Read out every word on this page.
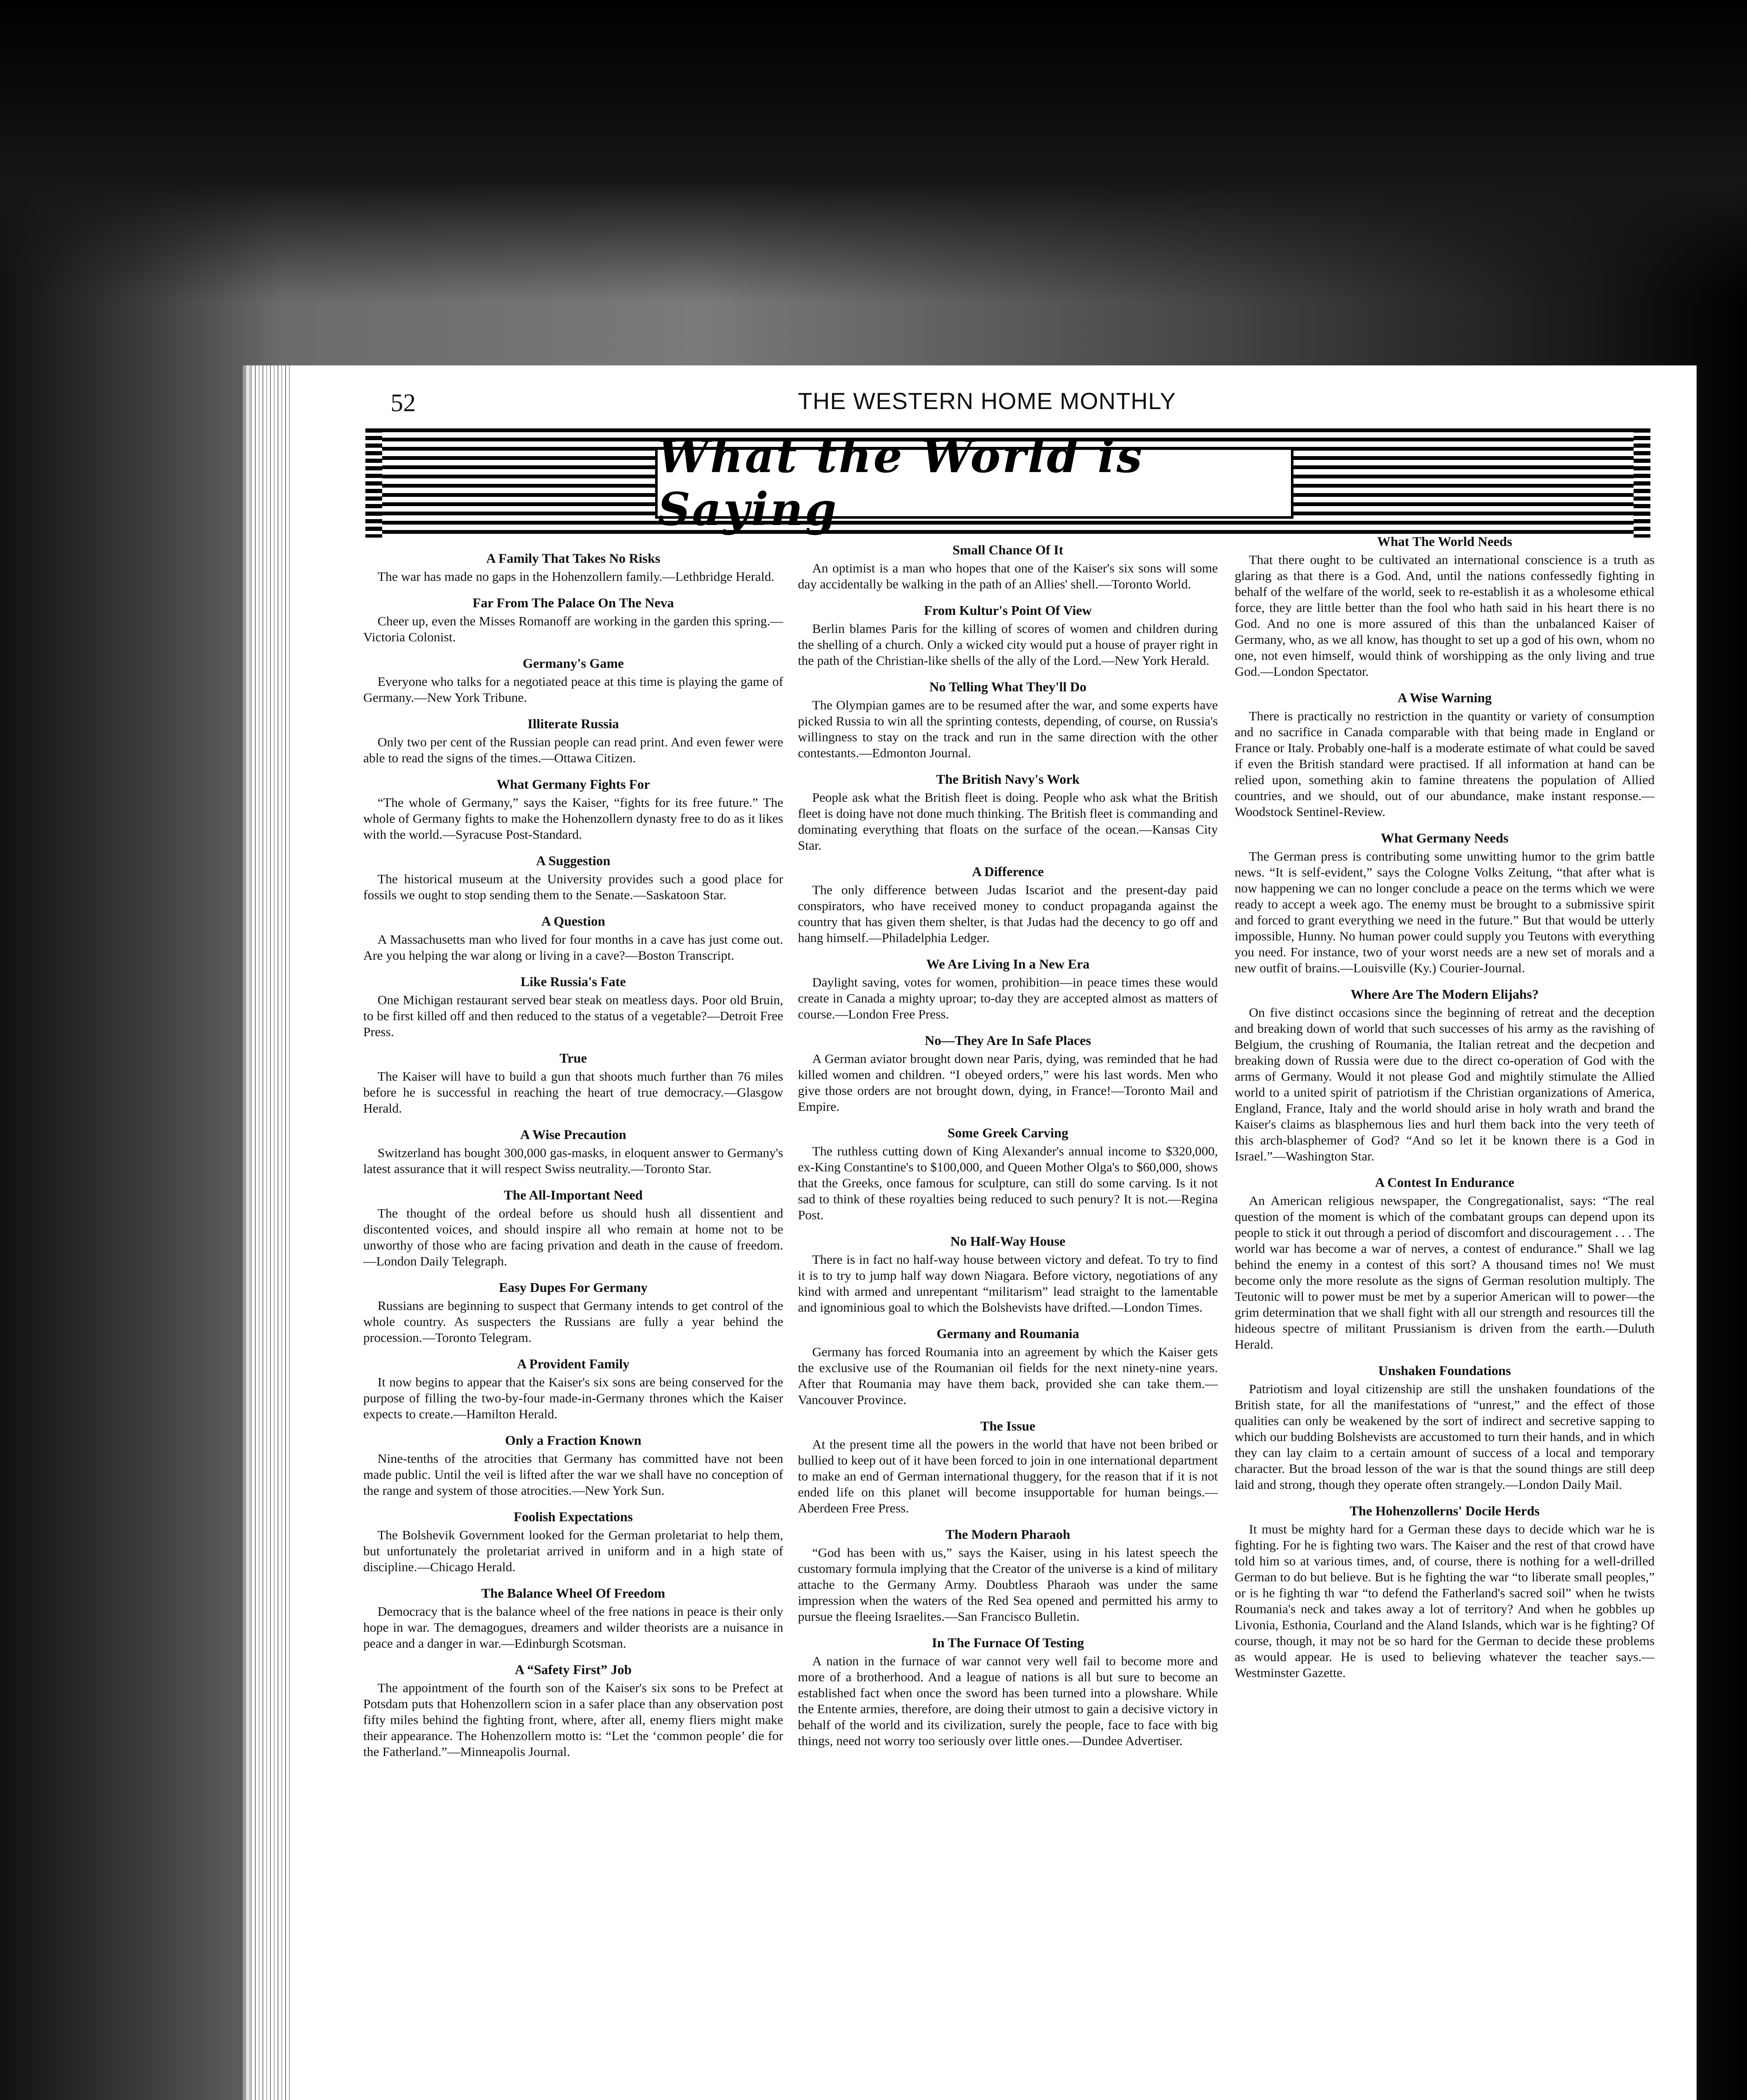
52	THE WESTERN HOME MONTHLY
What the World is Saying
A Family That Takes No Risks

The war has made no gaps in the Hohenzollern family.—Lethbridge Herald.

Far From The Palace On The Neva

Cheer up, even the Misses Romanoff are working in the garden this spring.—Victoria Colonist.

Germany's Game

Everyone who talks for a negotiated peace at this time is playing the game of Germany.—New York Tribune.

Illiterate Russia

Only two per cent of the Russian people can read print. And even fewer were able to read the signs of the times.—Ottawa Citizen.

What Germany Fights For

“The whole of Germany,” says the Kaiser, “fights for its free future.” The whole of Germany fights to make the Hohenzollern dynasty free to do as it likes with the world.—Syracuse Post-Standard.

A Suggestion

The historical museum at the University provides such a good place for fossils we ought to stop sending them to the Senate.—Saskatoon Star.

A Question

A Massachusetts man who lived for four months in a cave has just come out. Are you helping the war along or living in a cave?—Boston Transcript.

Like Russia's Fate

One Michigan restaurant served bear steak on meatless days. Poor old Bruin, to be first killed off and then reduced to the status of a vegetable?—Detroit Free Press.

True

The Kaiser will have to build a gun that shoots much further than 76 miles before he is successful in reaching the heart of true democracy.—Glasgow Herald.

A Wise Precaution

Switzerland has bought 300,000 gas-masks, in eloquent answer to Germany's latest assurance that it will respect Swiss neutrality.—Toronto Star.

The All-Important Need

The thought of the ordeal before us should hush all dissentient and discontented voices, and should inspire all who remain at home not to be unworthy of those who are facing privation and death in the cause of freedom.—London Daily Telegraph.

Easy Dupes For Germany

Russians are beginning to suspect that Germany intends to get control of the whole country. As suspecters the Russians are fully a year behind the procession.—Toronto Telegram.

A Provident Family

It now begins to appear that the Kaiser's six sons are being conserved for the purpose of filling the two-by-four made-in-Germany thrones which the Kaiser expects to create.—Hamilton Herald.

Only a Fraction Known

Nine-tenths of the atrocities that Germany has committed have not been made public. Until the veil is lifted after the war we shall have no conception of the range and system of those atrocities.—New York Sun.

Foolish Expectations

The Bolshevik Government looked for the German proletariat to help them, but unfortunately the proletariat arrived in uniform and in a high state of discipline.—Chicago Herald.

The Balance Wheel Of Freedom

Democracy that is the balance wheel of the free nations in peace is their only hope in war. The demagogues, dreamers and wilder theorists are a nuisance in peace and a danger in war.—Edinburgh Scotsman.

A “Safety First” Job

The appointment of the fourth son of the Kaiser's six sons to be Prefect at Potsdam puts that Hohenzollern scion in a safer place than any observation post fifty miles behind the fighting front, where, after all, enemy fliers might make their appearance. The Hohenzollern motto is: “Let the ‘common people’ die for the Fatherland.”—Minneapolis Journal.

Small Chance Of It

An optimist is a man who hopes that one of the Kaiser's six sons will some day accidentally be walking in the path of an Allies' shell.—Toronto World.

From Kultur's Point Of View

Berlin blames Paris for the killing of scores of women and children during the shelling of a church. Only a wicked city would put a house of prayer right in the path of the Christian-like shells of the ally of the Lord.—New York Herald.

No Telling What They'll Do

The Olympian games are to be resumed after the war, and some experts have picked Russia to win all the sprinting contests, depending, of course, on Russia's willingness to stay on the track and run in the same direction with the other contestants.—Edmonton Journal.

The British Navy's Work

People ask what the British fleet is doing. People who ask what the British fleet is doing have not done much thinking. The British fleet is commanding and dominating everything that floats on the surface of the ocean.—Kansas City Star.

A Difference

The only difference between Judas Iscariot and the present-day paid conspirators, who have received money to conduct propaganda against the country that has given them shelter, is that Judas had the decency to go off and hang himself.—Philadelphia Ledger.

We Are Living In a New Era

Daylight saving, votes for women, prohibition—in peace times these would create in Canada a mighty uproar; to-day they are accepted almost as matters of course.—London Free Press.

No—They Are In Safe Places

A German aviator brought down near Paris, dying, was reminded that he had killed women and children. “I obeyed orders,” were his last words. Men who give those orders are not brought down, dying, in France!—Toronto Mail and Empire.

Some Greek Carving

The ruthless cutting down of King Alexander's annual income to $320,000, ex-King Constantine's to $100,000, and Queen Mother Olga's to $60,000, shows that the Greeks, once famous for sculpture, can still do some carving. Is it not sad to think of these royalties being reduced to such penury? It is not.—Regina Post.

No Half-Way House

There is in fact no half-way house between victory and defeat. To try to find it is to try to jump half way down Niagara. Before victory, negotiations of any kind with armed and unrepentant “militarism” lead straight to the lamentable and ignominious goal to which the Bolshevists have drifted.—London Times.

Germany and Roumania

Germany has forced Roumania into an agreement by which the Kaiser gets the exclusive use of the Roumanian oil fields for the next ninety-nine years. After that Roumania may have them back, provided she can take them.—Vancouver Province.

The Issue

At the present time all the powers in the world that have not been bribed or bullied to keep out of it have been forced to join in one international department to make an end of German international thuggery, for the reason that if it is not ended life on this planet will become insupportable for human beings.—Aberdeen Free Press.

The Modern Pharaoh

“God has been with us,” says the Kaiser, using in his latest speech the customary formula implying that the Creator of the universe is a kind of military attache to the Germany Army. Doubtless Pharaoh was under the same impression when the waters of the Red Sea opened and permitted his army to pursue the fleeing Israelites.—San Francisco Bulletin.

In The Furnace Of Testing

A nation in the furnace of war cannot very well fail to become more and more of a brotherhood. And a league of nations is all but sure to become an established fact when once the sword has been turned into a plowshare. While the Entente armies, therefore, are doing their utmost to gain a decisive victory in behalf of the world and its civilization, surely the people, face to face with big things, need not worry too seriously over little ones.—Dundee Advertiser.

What The World Needs

That there ought to be cultivated an international conscience is a truth as glaring as that there is a God. And, until the nations confessedly fighting in behalf of the welfare of the world, seek to re-establish it as a wholesome ethical force, they are little better than the fool who hath said in his heart there is no God. And no one is more assured of this than the unbalanced Kaiser of Germany, who, as we all know, has thought to set up a god of his own, whom no one, not even himself, would think of worshipping as the only living and true God.—London Spectator.

A Wise Warning

There is practically no restriction in the quantity or variety of consumption and no sacrifice in Canada comparable with that being made in England or France or Italy. Probably one-half is a moderate estimate of what could be saved if even the British standard were practised. If all information at hand can be relied upon, something akin to famine threatens the population of Allied countries, and we should, out of our abundance, make instant response.—Woodstock Sentinel-Review.

What Germany Needs

The German press is contributing some unwitting humor to the grim battle news. “It is self-evident,” says the Cologne Volks Zeitung, “that after what is now happening we can no longer conclude a peace on the terms which we were ready to accept a week ago. The enemy must be brought to a submissive spirit and forced to grant everything we need in the future.” But that would be utterly impossible, Hunny. No human power could supply you Teutons with everything you need. For instance, two of your worst needs are a new set of morals and a new outfit of brains.—Louisville (Ky.) Courier-Journal.

Where Are The Modern Elijahs?

On five distinct occasions since the beginning of retreat and the deception and breaking down of world that such successes of his army as the ravishing of Belgium, the crushing of Roumania, the Italian retreat and the decpetion and breaking down of Russia were due to the direct co-operation of God with the arms of Germany. Would it not please God and mightily stimulate the Allied world to a united spirit of patriotism if the Christian organizations of America, England, France, Italy and the world should arise in holy wrath and brand the Kaiser's claims as blasphemous lies and hurl them back into the very teeth of this arch-blasphemer of God? “And so let it be known there is a God in Israel.”—Washington Star.

A Contest In Endurance

An American religious newspaper, the Congregationalist, says: “The real question of the moment is which of the combatant groups can depend upon its people to stick it out through a period of discomfort and discouragement . . . The world war has become a war of nerves, a contest of endurance.” Shall we lag behind the enemy in a contest of this sort? A thousand times no! We must become only the more resolute as the signs of German resolution multiply. The Teutonic will to power must be met by a superior American will to power—the grim determination that we shall fight with all our strength and resources till the hideous spectre of militant Prussianism is driven from the earth.—Duluth Herald.

Unshaken Foundations

Patriotism and loyal citizenship are still the unshaken foundations of the British state, for all the manifestations of “unrest,” and the effect of those qualities can only be weakened by the sort of indirect and secretive sapping to which our budding Bolshevists are accustomed to turn their hands, and in which they can lay claim to a certain amount of success of a local and temporary character. But the broad lesson of the war is that the sound things are still deep laid and strong, though they operate often strangely.—London Daily Mail.

The Hohenzollerns' Docile Herds

It must be mighty hard for a German these days to decide which war he is fighting. For he is fighting two wars. The Kaiser and the rest of that crowd have told him so at various times, and, of course, there is nothing for a well-drilled German to do but believe. But is he fighting the war “to liberate small peoples,” or is he fighting th war “to defend the Fatherland's sacred soil” when he twists Roumania's neck and takes away a lot of territory? And when he gobbles up Livonia, Esthonia, Courland and the Aland Islands, which war is he fighting? Of course, though, it may not be so hard for the German to decide these problems as would appear. He is used to believing whatever the teacher says.—Westminster Gazette.
